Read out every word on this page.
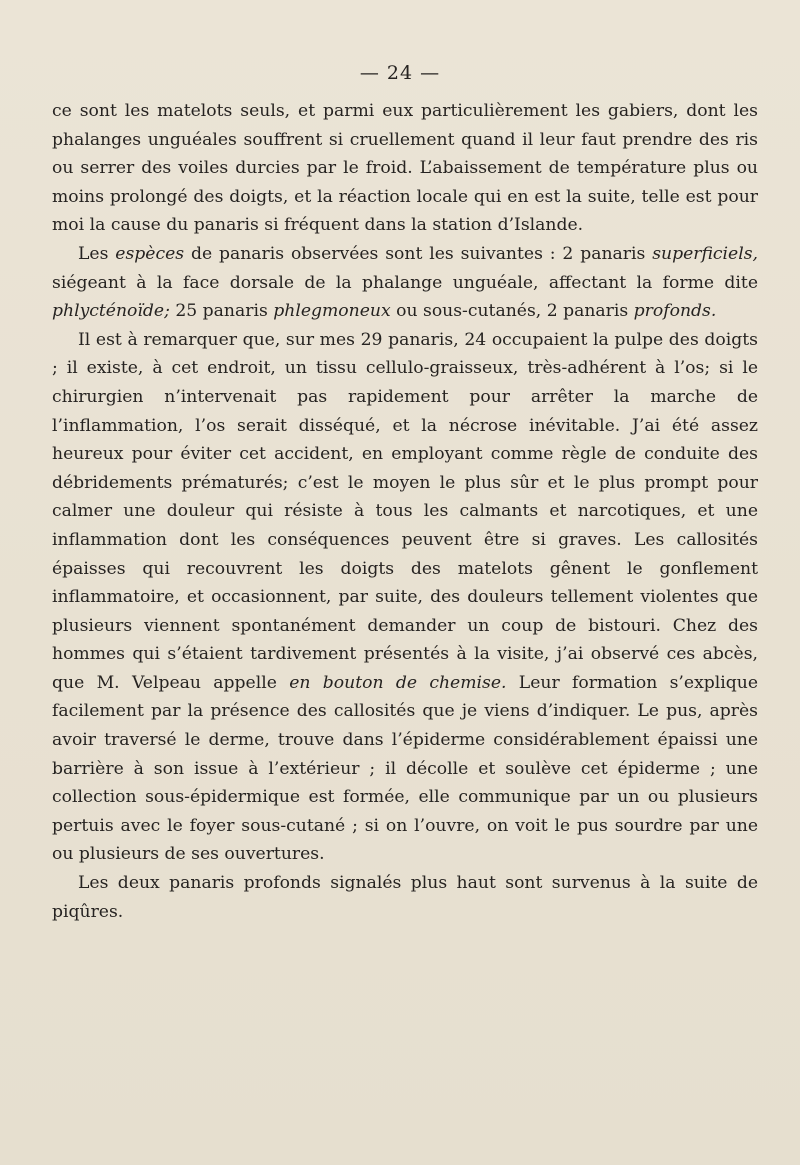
— 24 —

ce sont les matelots seuls, et parmi eux particulièrement les gabiers, dont les phalanges unguéales souffrent si cruellement quand il leur faut prendre des ris ou serrer des voiles durcies par le froid. L’abaissement de température plus ou moins prolongé des doigts, et la réaction locale qui en est la suite, telle est pour moi la cause du panaris si fréquent dans la station d’Islande.

Les espèces de panaris observées sont les suivantes : 2 panaris superficiels, siégeant à la face dorsale de la phalange unguéale, affectant la forme dite phlycténoïde; 25 panaris phlegmoneux ou sous-cutanés, 2 panaris profonds.

Il est à remarquer que, sur mes 29 panaris, 24 occupaient la pulpe des doigts ; il existe, à cet endroit, un tissu cellulo-graisseux, très-adhérent à l’os; si le chirurgien n’intervenait pas rapidement pour arrêter la marche de l’inflammation, l’os serait disséqué, et la nécrose inévitable. J’ai été assez heureux pour éviter cet accident, en employant comme règle de conduite des débridements prématurés; c’est le moyen le plus sûr et le plus prompt pour calmer une douleur qui résiste à tous les calmants et narcotiques, et une inflammation dont les conséquences peuvent être si graves. Les callosités épaisses qui recouvrent les doigts des matelots gênent le gonflement inflammatoire, et occasionnent, par suite, des douleurs tellement violentes que plusieurs viennent spontanément demander un coup de bistouri. Chez des hommes qui s’étaient tardivement présentés à la visite, j’ai observé ces abcès, que M. Velpeau appelle en bouton de chemise. Leur formation s’explique facilement par la présence des callosités que je viens d’indiquer. Le pus, après avoir traversé le derme, trouve dans l’épiderme considérablement épaissi une barrière à son issue à l’extérieur ; il décolle et soulève cet épiderme ; une collection sous-épidermique est formée, elle communique par un ou plusieurs pertuis avec le foyer sous-cutané ; si on l’ouvre, on voit le pus sourdre par une ou plusieurs de ses ouvertures.

Les deux panaris profonds signalés plus haut sont survenus à la suite de piqûres.
